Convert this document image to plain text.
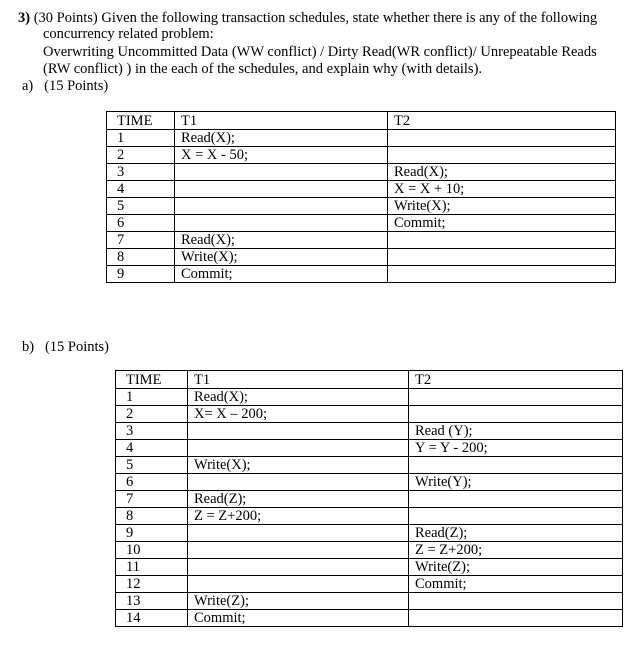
3) (30 Points) Given the following transaction schedules, state whether there is any of the following
concurrency related problem:
Overwriting Uncommitted Data (WW conflict) / Dirty Read(WR conflict)/ Unrepeatable Reads
(RW conflict) ) in the each of the schedules, and explain why (with details).
a) (15 Points)
TIME	T1	T2
1	Read(X);	

2	X = X - 50;	

3		Read(X);

4		X = X + 10;

5		Write(X);

6		Commit;

7	Read(X);	

8	Write(X);	

9	Commit;	

b) (15 Points)
TIME	T1	T2
1	Read(X);	

2	X= X – 200;	

3		Read (Y);

4		Y = Y - 200;

5	Write(X);	

6		Write(Y);

7	Read(Z);	

8	Z = Z+200;	

9		Read(Z);

10		Z = Z+200;

11		Write(Z);

12		Commit;

13	Write(Z);	

14	Commit;	
